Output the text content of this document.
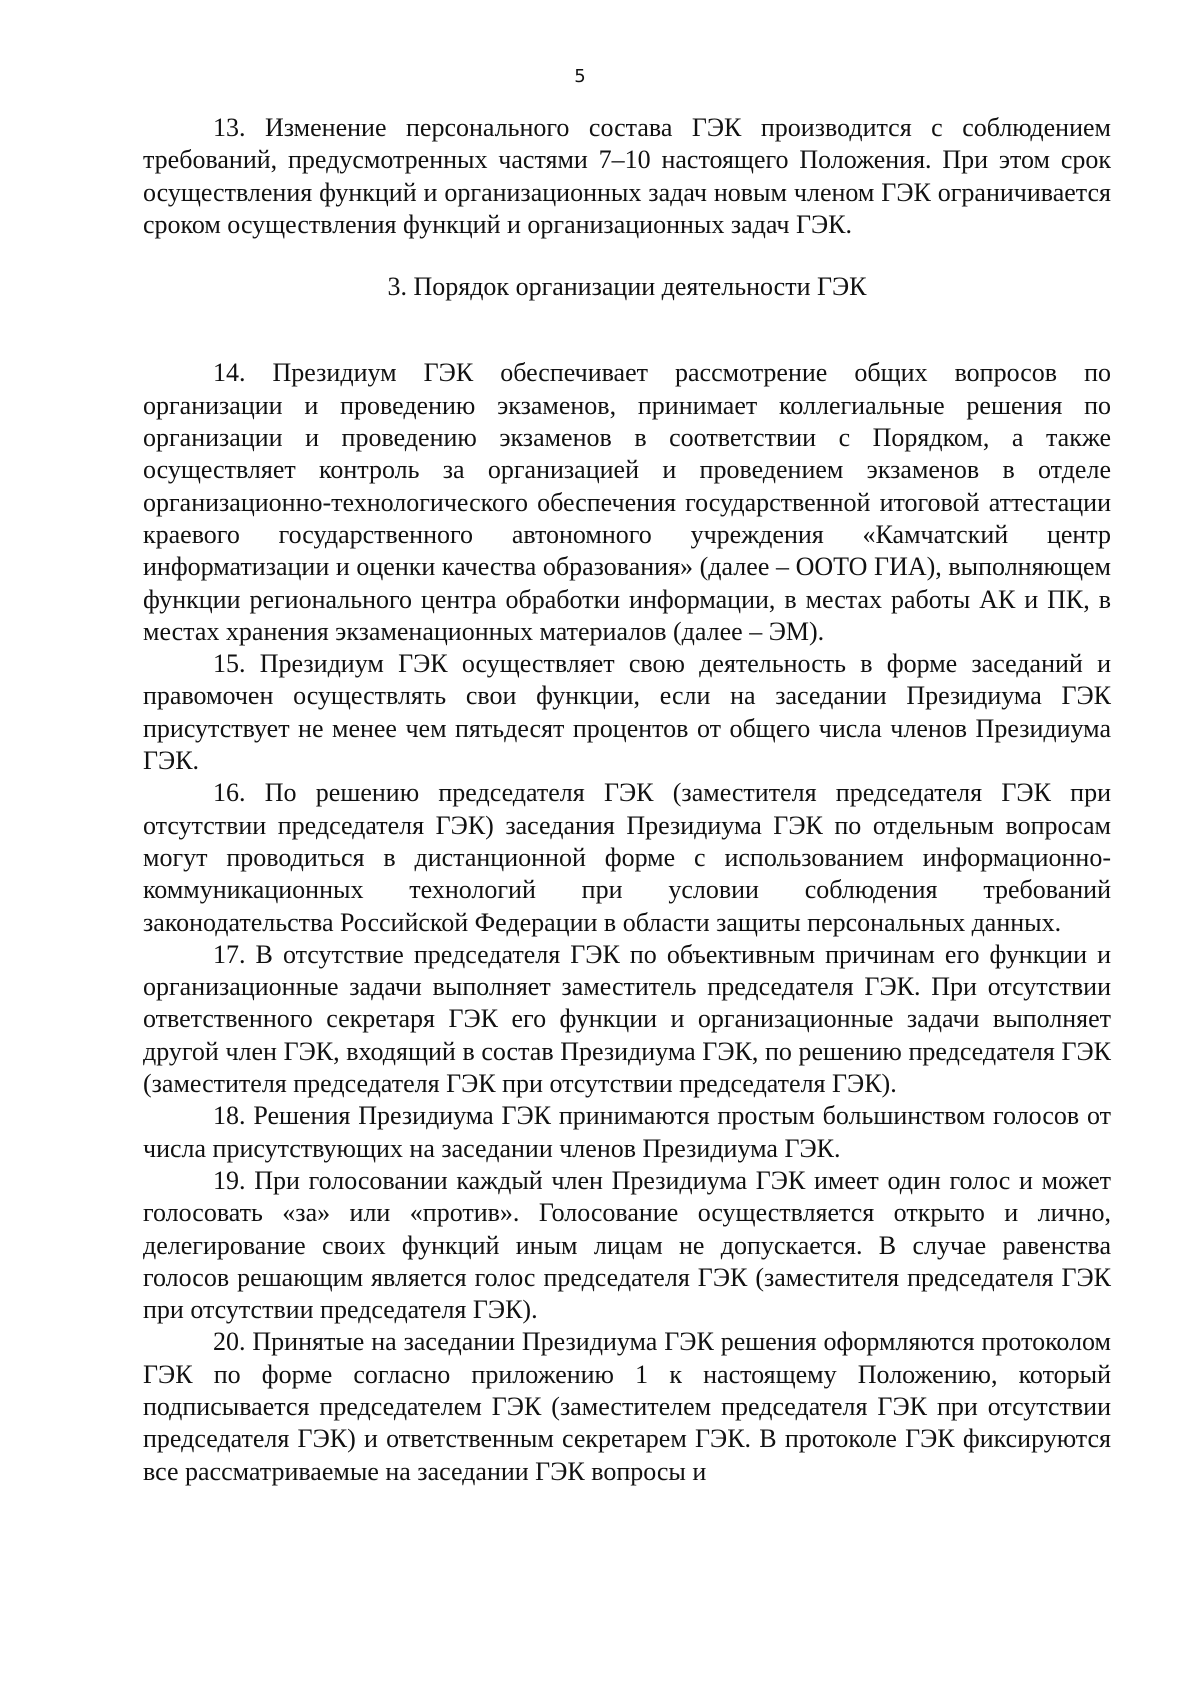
5

13. Изменение персонального состава ГЭК производится с соблюдением требований, предусмотренных частями 7–10 настоящего Положения. При этом срок осуществления функций и организационных задач новым членом ГЭК ограничивается сроком осуществления функций и организационных задач ГЭК.

3. Порядок организации деятельности ГЭК

14. Президиум ГЭК обеспечивает рассмотрение общих вопросов по организации и проведению экзаменов, принимает коллегиальные решения по организации и проведению экзаменов в соответствии с Порядком, а также осуществляет контроль за организацией и проведением экзаменов в отделе организационно-технологического обеспечения государственной итоговой аттестации краевого государственного автономного учреждения «Камчатский центр информатизации и оценки качества образования» (далее – ООТО ГИА), выполняющем функции регионального центра обработки информации, в местах работы АК и ПК, в местах хранения экзаменационных материалов (далее – ЭМ).

15. Президиум ГЭК осуществляет свою деятельность в форме заседаний и правомочен осуществлять свои функции, если на заседании Президиума ГЭК присутствует не менее чем пятьдесят процентов от общего числа членов Президиума ГЭК.

16. По решению председателя ГЭК (заместителя председателя ГЭК при отсутствии председателя ГЭК) заседания Президиума ГЭК по отдельным вопросам могут проводиться в дистанционной форме с использованием информационно-коммуникационных технологий при условии соблюдения требований законодательства Российской Федерации в области защиты персональных данных.

17. В отсутствие председателя ГЭК по объективным причинам его функции и организационные задачи выполняет заместитель председателя ГЭК. При отсутствии ответственного секретаря ГЭК его функции и организационные задачи выполняет другой член ГЭК, входящий в состав Президиума ГЭК, по решению председателя ГЭК (заместителя председателя ГЭК при отсутствии председателя ГЭК).

18. Решения Президиума ГЭК принимаются простым большинством голосов от числа присутствующих на заседании членов Президиума ГЭК.

19. При голосовании каждый член Президиума ГЭК имеет один голос и может голосовать «за» или «против». Голосование осуществляется открыто и лично, делегирование своих функций иным лицам не допускается. В случае равенства голосов решающим является голос председателя ГЭК (заместителя председателя ГЭК при отсутствии председателя ГЭК).

20. Принятые на заседании Президиума ГЭК решения оформляются протоколом ГЭК по форме согласно приложению 1 к настоящему Положению, который подписывается председателем ГЭК (заместителем председателя ГЭК при отсутствии председателя ГЭК) и ответственным секретарем ГЭК. В протоколе ГЭК фиксируются все рассматриваемые на заседании ГЭК вопросы и
